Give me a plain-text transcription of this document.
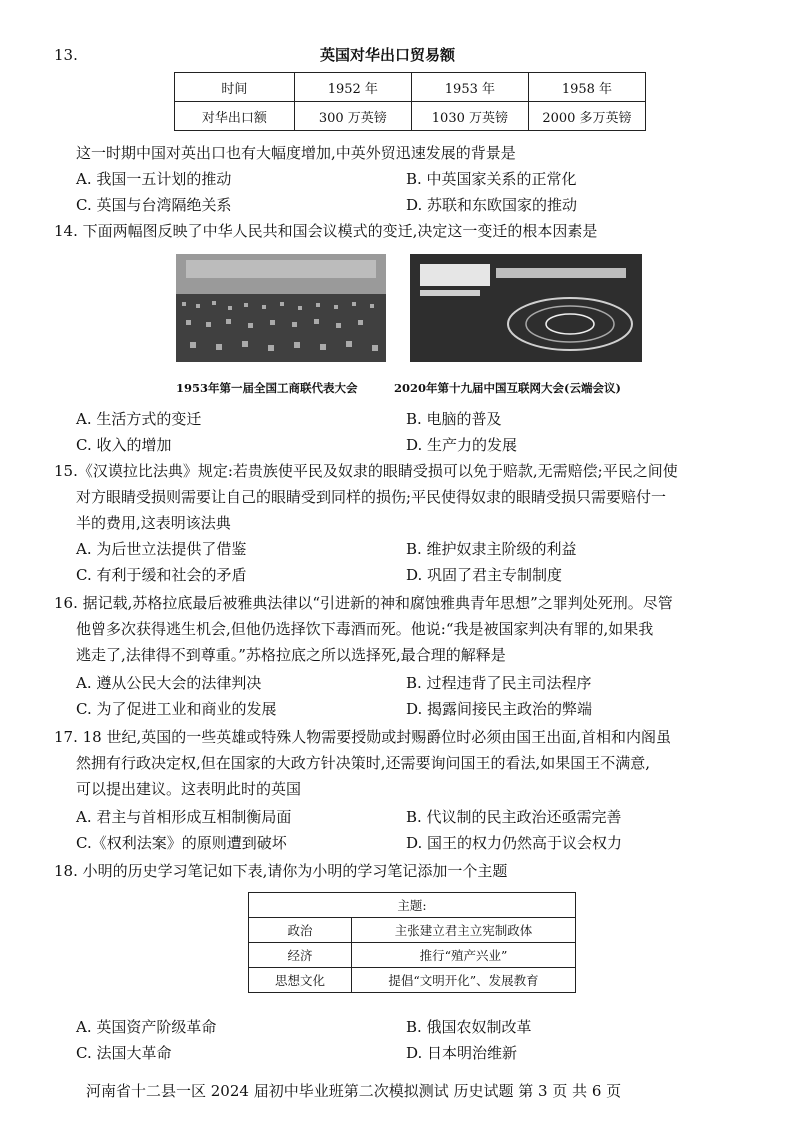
13.	英国对华出口贸易额
时间	1952 年	1953 年	1958 年
对华出口额	300 万英镑	1030 万英镑	2000 多万英镑
这一时期中国对英出口也有大幅度增加,中英外贸迅速发展的背景是
A. 我国一五计划的推动	B. 中英国家关系的正常化
C. 英国与台湾隔绝关系	D. 苏联和东欧国家的推动
14. 下面两幅图反映了中华人民共和国会议模式的变迁,决定这一变迁的根本因素是
1953年第一届全国工商联代表大会	2020年第十九届中国互联网大会(云端会议)
A. 生活方式的变迁	B. 电脑的普及
C. 收入的增加	D. 生产力的发展
15.《汉谟拉比法典》规定:若贵族使平民及奴隶的眼睛受损可以免于赔款,无需赔偿;平民之间使
对方眼睛受损则需要让自己的眼睛受到同样的损伤;平民使得奴隶的眼睛受损只需要赔付一
半的费用,这表明该法典
A. 为后世立法提供了借鉴	B. 维护奴隶主阶级的利益
C. 有利于缓和社会的矛盾	D. 巩固了君主专制制度
16. 据记载,苏格拉底最后被雅典法律以“引进新的神和腐蚀雅典青年思想”之罪判处死刑。尽管
他曾多次获得逃生机会,但他仍选择饮下毒酒而死。他说:“我是被国家判决有罪的,如果我
逃走了,法律得不到尊重。”苏格拉底之所以选择死,最合理的解释是
A. 遵从公民大会的法律判决	B. 过程违背了民主司法程序
C. 为了促进工业和商业的发展	D. 揭露间接民主政治的弊端
17. 18 世纪,英国的一些英雄或特殊人物需要授勋或封赐爵位时必须由国王出面,首相和内阁虽
然拥有行政决定权,但在国家的大政方针决策时,还需要询问国王的看法,如果国王不满意,
可以提出建议。这表明此时的英国
A. 君主与首相形成互相制衡局面	B. 代议制的民主政治还亟需完善
C.《权利法案》的原则遭到破坏	D. 国王的权力仍然高于议会权力
18. 小明的历史学习笔记如下表,请你为小明的学习笔记添加一个主题
主题:	
政治	主张建立君主立宪制政体
经济	推行“殖产兴业”
思想文化	提倡“文明开化”、发展教育
A. 英国资产阶级革命	B. 俄国农奴制改革
C. 法国大革命	D. 日本明治维新
河南省十二县一区 2024 届初中毕业班第二次模拟测试 历史试题 第 3 页 共 6 页
